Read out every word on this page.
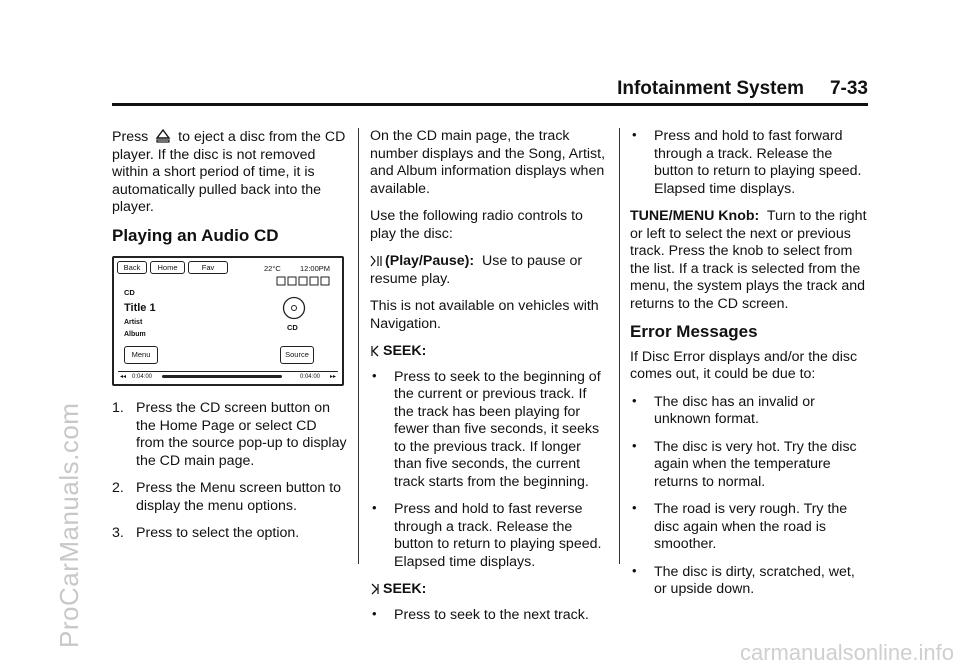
ProCarManuals.com
carmanualsonline.info
Infotainment System 7-33

Press to eject a disc from the CD player. If the disc is not removed within a short period of time, it is automatically pulled back into the player.

Playing an Audio CD
Back	Home	Fav	22°C	12:00PM
CD
Title 1
Artist
Album
CD
Menu	Source
◂◂ 0:04:00	0:04:00 ▸▸
1. Press the CD screen button on the Home Page or select CD from the source pop-up to display the CD main page.
2. Press the Menu screen button to display the menu options.
3. Press to select the option.

On the CD main page, the track number displays and the Song, Artist, and Album information displays when available.

Use the following radio controls to play the disc:

(Play/Pause): Use to pause or resume play.

This is not available on vehicles with Navigation.

SEEK:

• Press to seek to the beginning of the current or previous track. If the track has been playing for fewer than five seconds, it seeks to the previous track. If longer than five seconds, the current track starts from the beginning.
• Press and hold to fast reverse through a track. Release the button to return to playing speed. Elapsed time displays.

SEEK:

• Press to seek to the next track.
• Press and hold to fast forward through a track. Release the button to return to playing speed. Elapsed time displays.

TUNE/MENU Knob: Turn to the right or left to select the next or previous track. Press the knob to select from the list. If a track is selected from the menu, the system plays the track and returns to the CD screen.

Error Messages

If Disc Error displays and/or the disc comes out, it could be due to:

• The disc has an invalid or unknown format.
• The disc is very hot. Try the disc again when the temperature returns to normal.
• The road is very rough. Try the disc again when the road is smoother.
• The disc is dirty, scratched, wet, or upside down.
